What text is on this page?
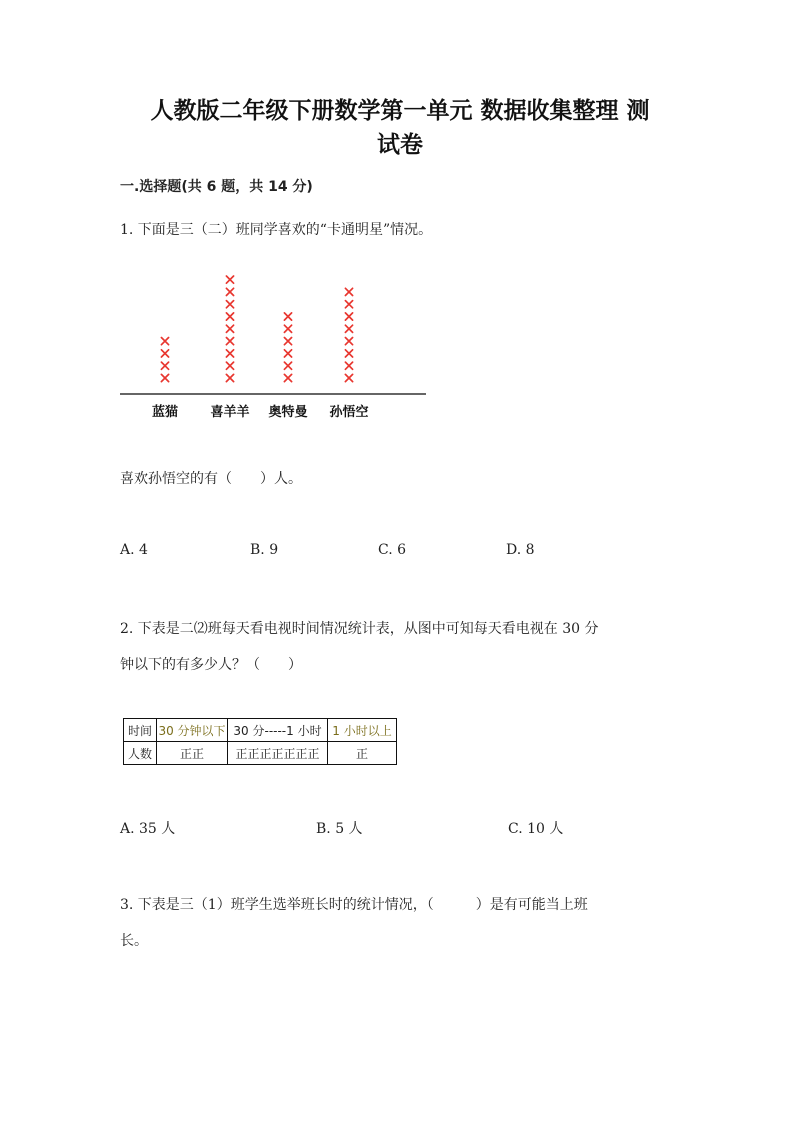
人教版二年级下册数学第一单元 数据收集整理 测
试卷
一.选择题(共 6 题，共 14 分)
1. 下面是三（二）班同学喜欢的“卡通明星”情况。
蓝猫 喜羊羊 奥特曼 孙悟空
喜欢孙悟空的有（　　）人。
A. 4	B. 9	C. 6	D. 8
2. 下表是二⑵班每天看电视时间情况统计表，从图中可知每天看电视在 30 分
钟以下的有多少人？（　　）
时间	30 分钟以下	30 分-----1 小时	1 小时以上
人数	正正	正正正正正正正	正
A. 35 人	B. 5 人	C. 10 人
3. 下表是三（1）班学生选举班长时的统计情况，（　　　）是有可能当上班
长。
